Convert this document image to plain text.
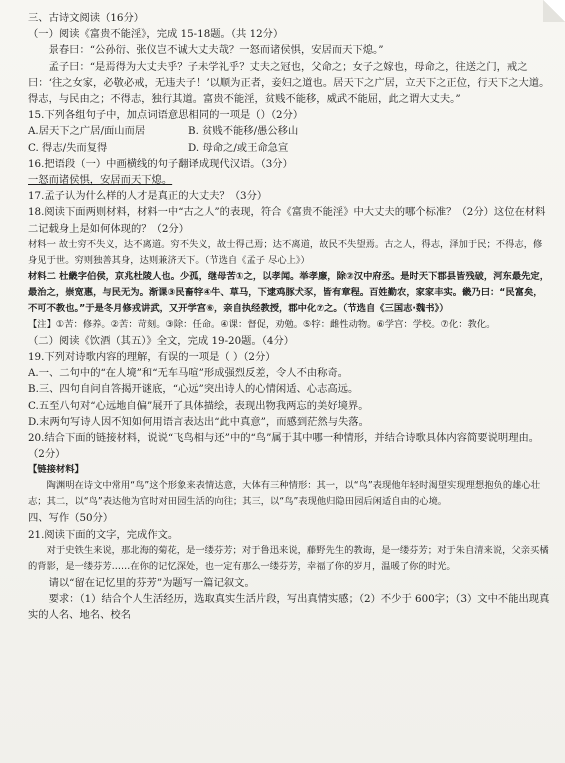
三、古诗文阅读（16分）
（一）阅读《富贵不能淫》，完成 15-18题。（共 12分）
景春曰：“公孙衍、张仪岂不诚大丈夫哉？一怒而诸侯惧，安居而天下熄。”
孟子曰：“是焉得为大丈夫乎？子未学礼乎？丈夫之冠也，父命之；女子之嫁也，母命之，往送之门，戒之曰：‘往之女家，必敬必戒，无违夫子！’以顺为正者，妾妇之道也。居天下之广居，立天下之正位，行天下之大道。得志，与民由之；不得志，独行其道。富贵不能淫，贫贱不能移，威武不能屈，此之谓大丈夫。”
15.下列各组句子中，加点词语意思相同的一项是（）（2分）
A.居天下之广居/面山而居	B. 贫贱不能移/愚公移山
C. 得志/失而复得	D. 母命之/或王命急宣
16.把语段（一）中画横线的句子翻译成现代汉语。（3分）
一怒而诸侯惧，安居而天下熄。
17.孟子认为什么样的人才是真正的大丈夫？（3分）
18.阅读下面两则材料，材料一中“古之人”的表现，符合《富贵不能淫》中大丈夫的哪个标准？（2分）这位在材料二记载身上是如何体现的？（2分）
材料一 故士穷不失义，达不离道。穷不失义，故士得己焉；达不离道，故民不失望焉。古之人，得志，泽加于民；不得志，修身见于世。穷则独善其身，达则兼济天下。（节选自《孟子 尽心上》）
材料二 杜畿字伯侯，京兆杜陵人也。少孤，继母苦①之，以孝闻。举孝廉，除②汉中府丞。是时天下郡县皆残破，河东最先定，最治之，崇宽惠，与民无为。渐课③民畜牸④牛、草马，下逮鸡豚犬豕，皆有章程。百姓勤农，家家丰实。畿乃曰：“民富矣，不可不教也。”于是冬月修戎讲武，又开学宫⑥，亲自执经教授，郡中化⑦之。（节选自《三国志·魏书》）
【注】①苦：修养。②苦：苛刻。③除：任命。④课：督促，劝勉。⑤牸：雌性动物。⑥学宫：学校。⑦化：教化。
（二）阅读《饮酒（其五）》全文，完成 19-20题。（4分）
19.下列对诗歌内容的理解，有误的一项是（ ）（2分）
A.一、二句中的“在人境”和“无车马喧”形成强烈反差，令人不由称奇。
B.三、四句自问自答揭开谜底，“心远”突出诗人的心情闲适、心志高远。
C.五至八句对“心远地自偏”展开了具体描绘，表现出物我两忘的美好境界。
D.末两句写诗人因不知如何用语言表达出“此中真意”，而感到茫然与失落。
20.结合下面的链接材料，说说“飞鸟相与还”中的“鸟”属于其中哪一种情形，并结合诗歌具体内容简要说明理由。（2分）
【链接材料】
陶渊明在诗文中常用“鸟”这个形象来表情达意，大体有三种情形：其一，以“鸟”表现他年轻时渴望实现理想抱负的雄心壮志；其二，以“鸟”表达他为官时对田园生活的向往；其三，以“鸟”表现他归隐田园后闲适自由的心境。
四、写作（50分）
21.阅读下面的文字，完成作文。
对于史铁生来说，那北海的菊花，是一缕芬芳；对于鲁迅来说，藤野先生的教诲，是一缕芬芳；对于朱自清来说，父亲买橘的背影，是一缕芬芳……在你的记忆深处，也一定有那么一缕芬芳，幸福了你的岁月，温暖了你的时光。
请以“留在记忆里的芬芳”为题写一篇记叙文。
要求：（1）结合个人生活经历，选取真实生活片段，写出真情实感；（2）不少于 600字；（3）文中不能出现真实的人名、地名、校名
